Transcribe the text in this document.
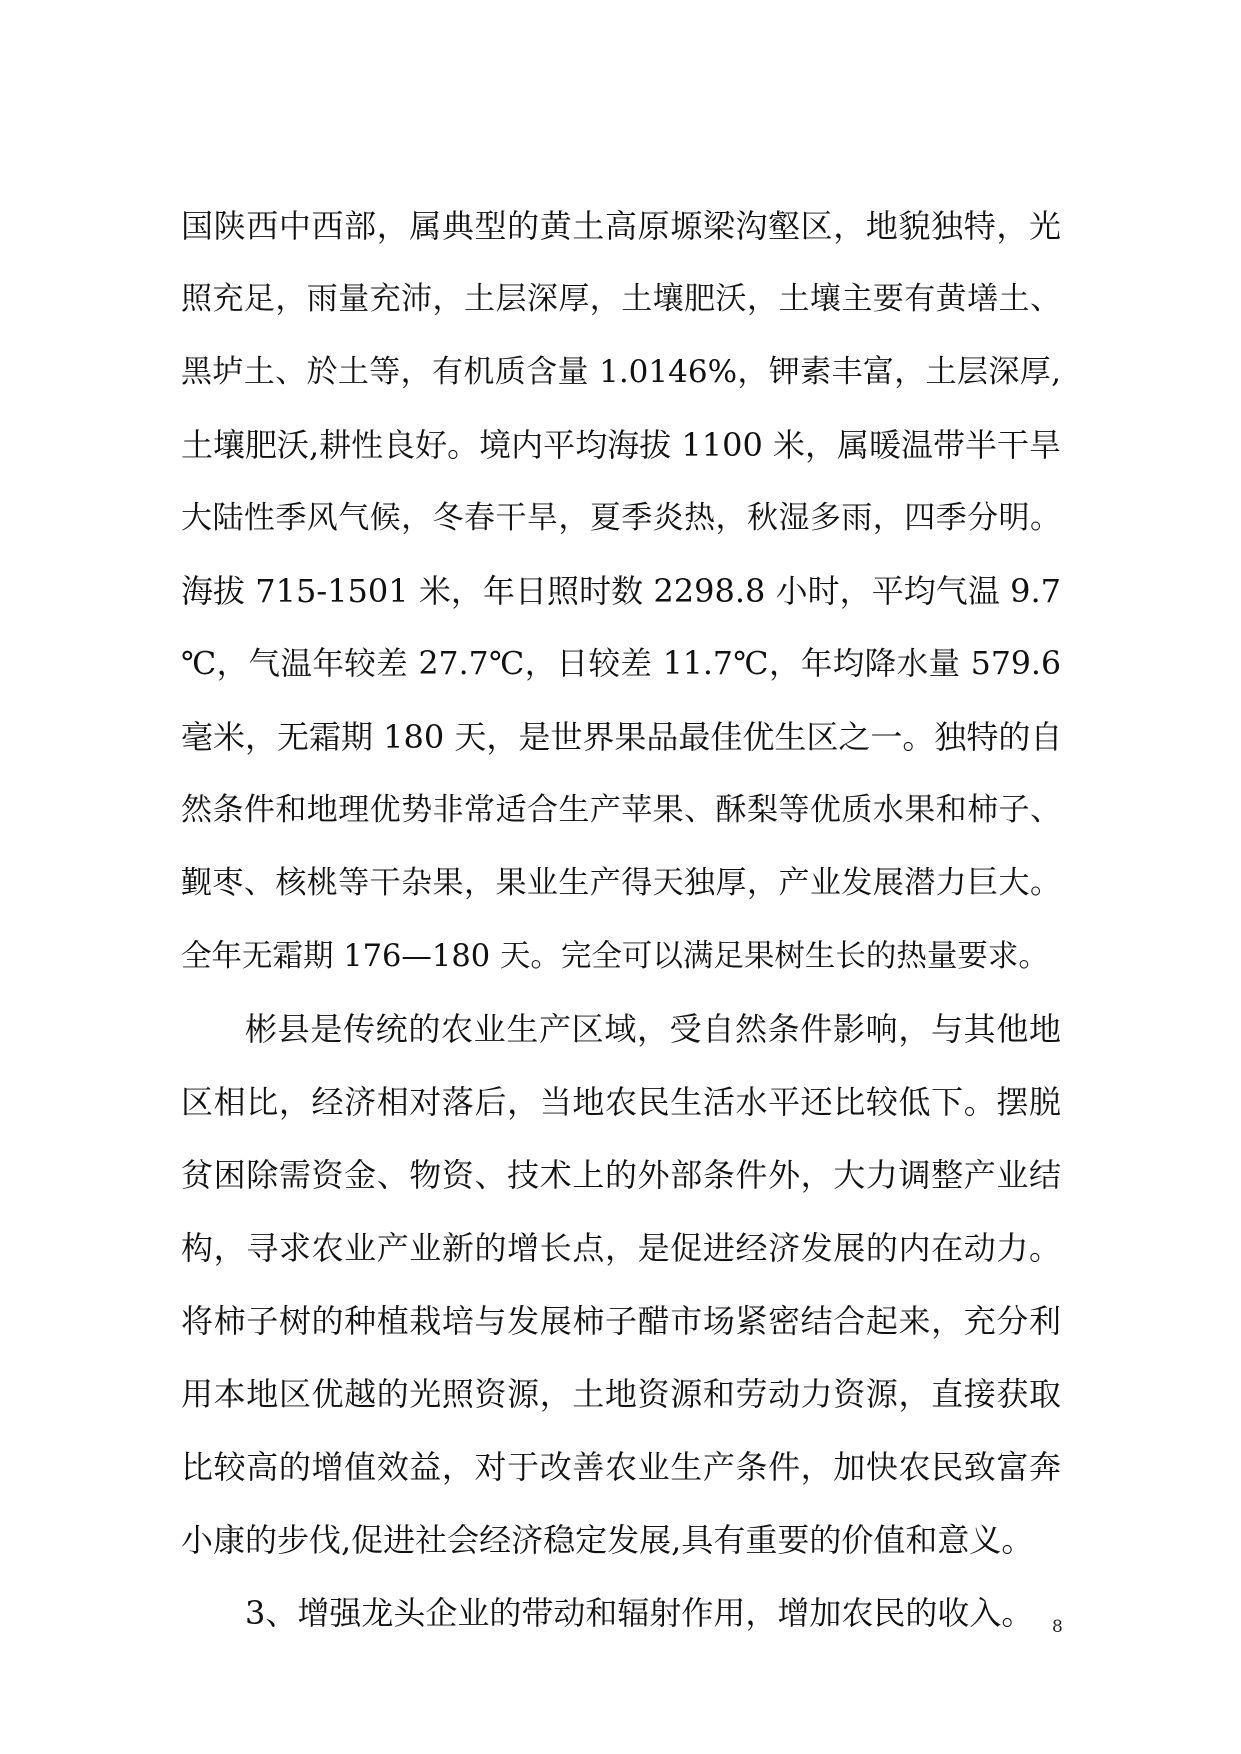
国陕西中西部，属典型的黄土高原塬梁沟壑区，地貌独特，光
照充足，雨量充沛，土层深厚，土壤肥沃，土壤主要有黄墡土、
黑垆土、於土等，有机质含量 1.0146%，钾素丰富，土层深厚,
土壤肥沃,耕性良好。境内平均海拔 1100 米，属暖温带半干旱
大陆性季风气候，冬春干旱，夏季炎热，秋湿多雨，四季分明。
海拔 715-1501 米，年日照时数 2298.8 小时，平均气温 9.7
℃，气温年较差 27.7℃，日较差 11.7℃，年均降水量 579.6
毫米，无霜期 180 天，是世界果品最佳优生区之一。独特的自
然条件和地理优势非常适合生产苹果、酥梨等优质水果和柿子、
觐枣、核桃等干杂果，果业生产得天独厚，产业发展潜力巨大。
全年无霜期 176—180 天。完全可以满足果树生长的热量要求。
彬县是传统的农业生产区域，受自然条件影响，与其他地
区相比，经济相对落后，当地农民生活水平还比较低下。摆脱
贫困除需资金、物资、技术上的外部条件外，大力调整产业结
构，寻求农业产业新的增长点，是促进经济发展的内在动力。
将柿子树的种植栽培与发展柿子醋市场紧密结合起来，充分利
用本地区优越的光照资源，土地资源和劳动力资源，直接获取
比较高的增值效益，对于改善农业生产条件，加快农民致富奔
小康的步伐,促进社会经济稳定发展,具有重要的价值和意义。
3、增强龙头企业的带动和辐射作用，增加农民的收入。	8
